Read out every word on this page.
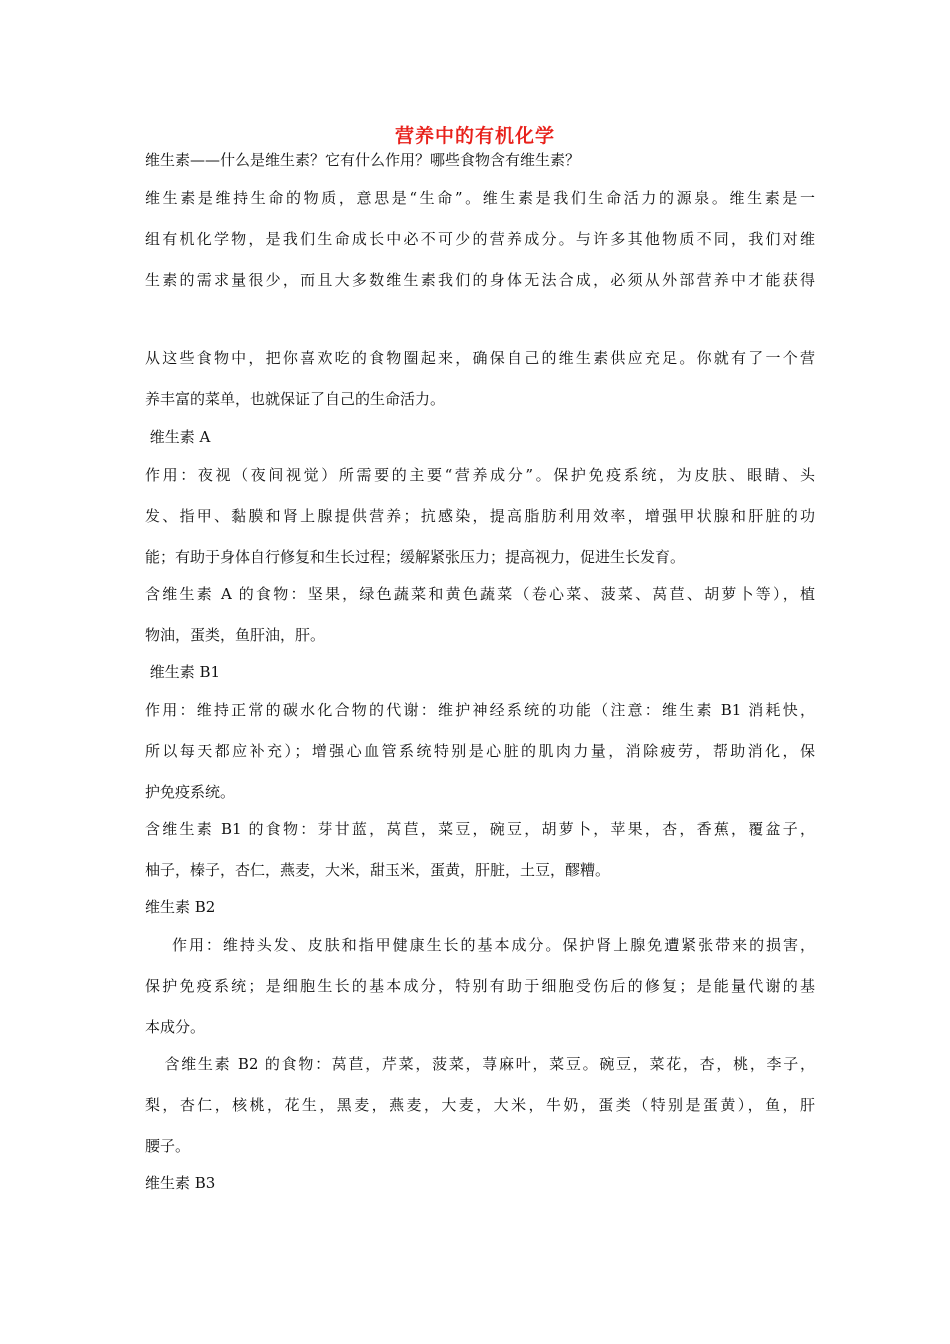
营养中的有机化学
维生素——什么是维生素？它有什么作用？哪些食物含有维生素？
维生素是维持生命的物质，意思是“生命”。维生素是我们生命活力的源泉。维生素是一
组有机化学物，是我们生命成长中必不可少的营养成分。与许多其他物质不同，我们对维
生素的需求量很少，而且大多数维生素我们的身体无法合成，必须从外部营养中才能获得
从这些食物中，把你喜欢吃的食物圈起来，确保自己的维生素供应充足。你就有了一个营
养丰富的菜单，也就保证了自己的生命活力。
维生素 A
作用：夜视（夜间视觉）所需要的主要“营养成分”。保护免疫系统，为皮肤、眼睛、头
发、指甲、黏膜和肾上腺提供营养；抗感染，提高脂肪利用效率，增强甲状腺和肝脏的功
能；有助于身体自行修复和生长过程；缓解紧张压力；提高视力，促进生长发育。
含维生素 A 的食物：坚果，绿色蔬菜和黄色蔬菜（卷心菜、菠菜、莴苣、胡萝卜等），植
物油，蛋类，鱼肝油，肝。
维生素 B1
作用：维持正常的碳水化合物的代谢：维护神经系统的功能（注意：维生素 B1 消耗快，
所以每天都应补充）；增强心血管系统特别是心脏的肌肉力量，消除疲劳，帮助消化，保
护免疫系统。
含维生素 B1 的食物：芽甘蓝，莴苣，菜豆，碗豆，胡萝卜，苹果，杏，香蕉，覆盆子，
柚子，榛子，杏仁，燕麦，大米，甜玉米，蛋黄，肝脏，土豆，醪糟。
维生素 B2
作用：维持头发、皮肤和指甲健康生长的基本成分。保护肾上腺免遭紧张带来的损害，
保护免疫系统；是细胞生长的基本成分，特别有助于细胞受伤后的修复；是能量代谢的基
本成分。
含维生素 B2 的食物：莴苣，芹菜，菠菜，荨麻叶，菜豆。碗豆，菜花，杏，桃，李子，
梨，杏仁，核桃，花生，黑麦，燕麦，大麦，大米，牛奶，蛋类（特别是蛋黄），鱼，肝
腰子。
维生素 B3
